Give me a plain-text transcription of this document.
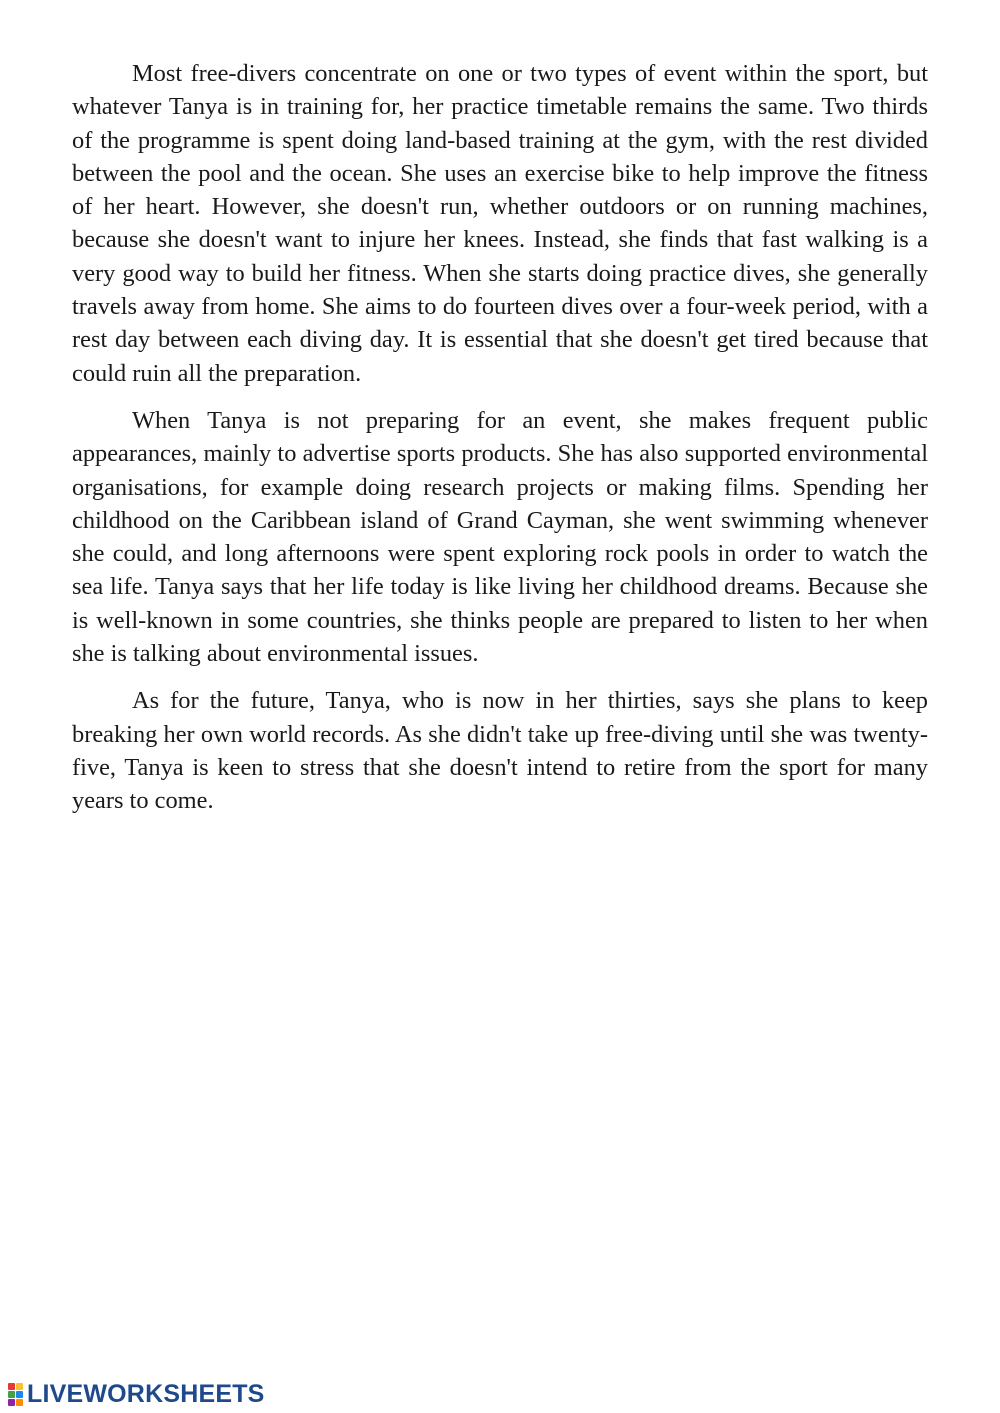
Most free-divers concentrate on one or two types of event within the sport, but whatever Tanya is in training for, her practice timetable remains the same. Two thirds of the programme is spent doing land-based training at the gym, with the rest divided between the pool and the ocean. She uses an exercise bike to help improve the fitness of her heart. However, she doesn't run, whether outdoors or on running machines, because she doesn't want to injure her knees. Instead, she finds that fast walking is a very good way to build her fitness. When she starts doing practice dives, she generally travels away from home. She aims to do fourteen dives over a four-week period, with a rest day between each diving day. It is essential that she doesn't get tired because that could ruin all the preparation.

When Tanya is not preparing for an event, she makes frequent public appearances, mainly to advertise sports products. She has also supported environmental organisations, for example doing research projects or making films. Spending her childhood on the Caribbean island of Grand Cayman, she went swimming whenever she could, and long afternoons were spent exploring rock pools in order to watch the sea life. Tanya says that her life today is like living her childhood dreams. Because she is well-known in some countries, she thinks people are prepared to listen to her when she is talking about environmental issues.

As for the future, Tanya, who is now in her thirties, says she plans to keep breaking her own world records. As she didn't take up free-diving until she was twenty-five, Tanya is keen to stress that she doesn't intend to retire from the sport for many years to come.

LIVEWORKSHEETS
